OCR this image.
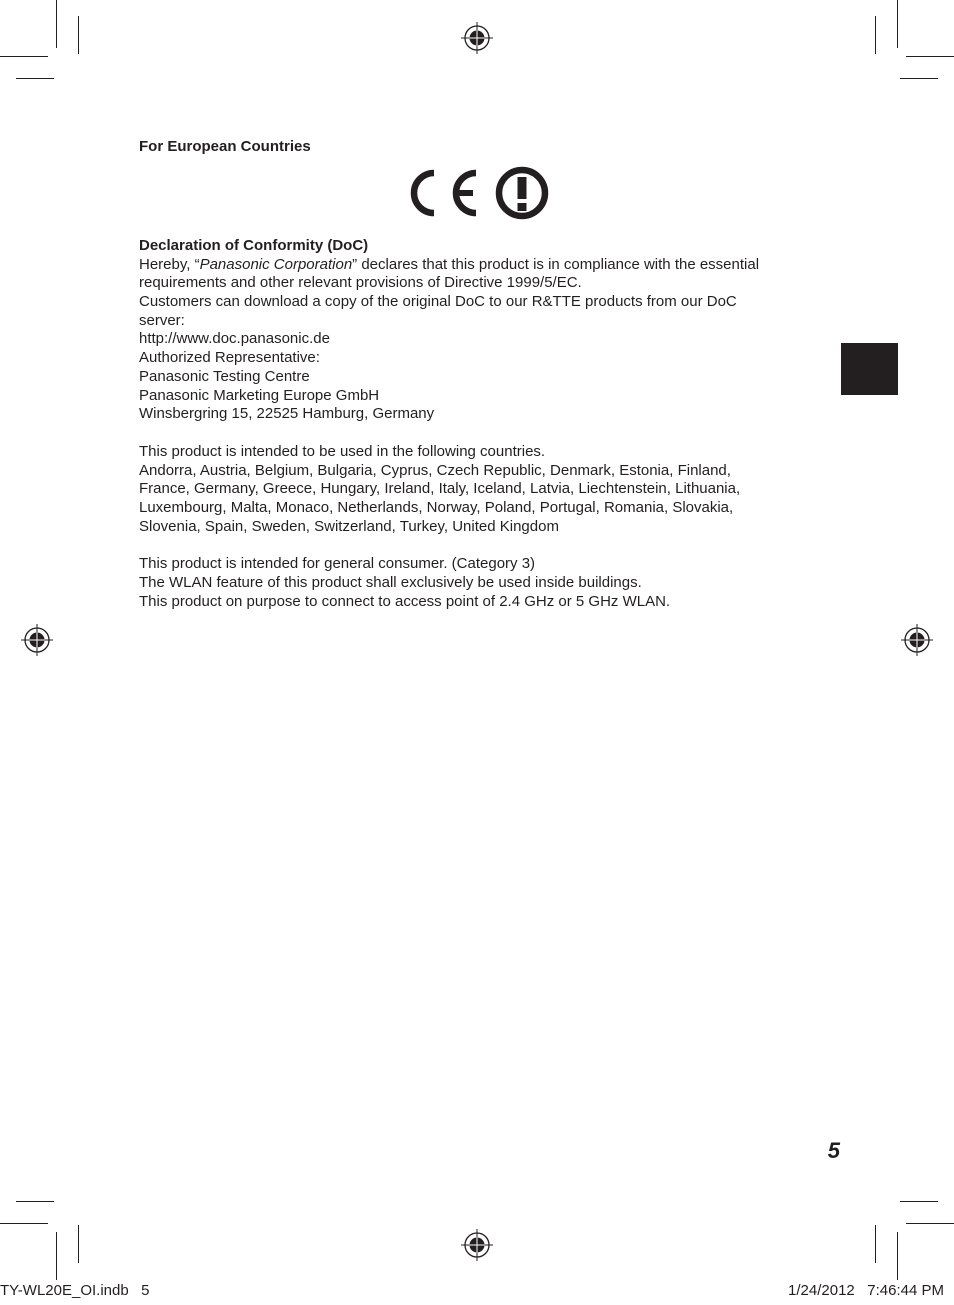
For European Countries
Declaration of Conformity (DoC)
Hereby, “Panasonic Corporation” declares that this product is in compliance with the essential
requirements and other relevant provisions of Directive 1999/5/EC.
Customers can download a copy of the original DoC to our R&TTE products from our DoC
server:
http://www.doc.panasonic.de
Authorized Representative:
Panasonic Testing Centre
Panasonic Marketing Europe GmbH
Winsbergring 15, 22525 Hamburg, Germany
This product is intended to be used in the following countries.
Andorra, Austria, Belgium, Bulgaria, Cyprus, Czech Republic, Denmark, Estonia, Finland,
France, Germany, Greece, Hungary, Ireland, Italy, Iceland, Latvia, Liechtenstein, Lithuania,
Luxembourg, Malta, Monaco, Netherlands, Norway, Poland, Portugal, Romania, Slovakia,
Slovenia, Spain, Sweden, Switzerland, Turkey, United Kingdom
This product is intended for general consumer. (Category 3)
The WLAN feature of this product shall exclusively be used inside buildings.
This product on purpose to connect to access point of 2.4 GHz or 5 GHz WLAN.
5
TY-WL20E_OI.indb   5	1/24/2012   7:46:44 PM
